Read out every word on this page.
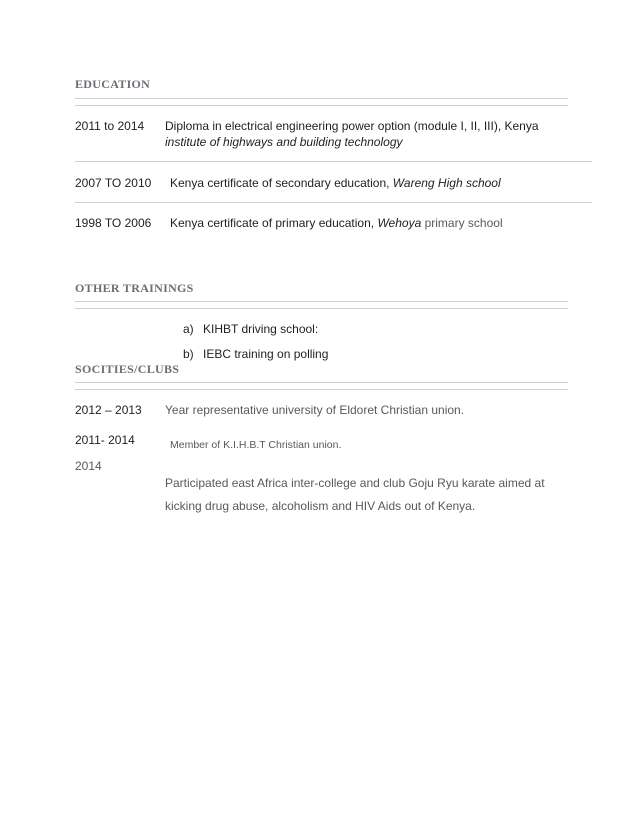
EDUCATION
2011 to 2014 Diploma in electrical engineering power option (module I, II, III), Kenya
institute of highways and building technology
2007 TO 2010 Kenya certificate of secondary education, Wareng High school
1998 TO 2006 Kenya certificate of primary education, Wehoya primary school
OTHER TRAININGS
a) KIHBT driving school:
b) IEBC training on polling
SOCITIES/CLUBS
2012 – 2013 Year representative university of Eldoret Christian union.
2011- 2014	Member of K.I.H.B.T Christian union.
2014
Participated east Africa inter-college and club Goju Ryu karate aimed at
kicking drug abuse, alcoholism and HIV Aids out of Kenya.
